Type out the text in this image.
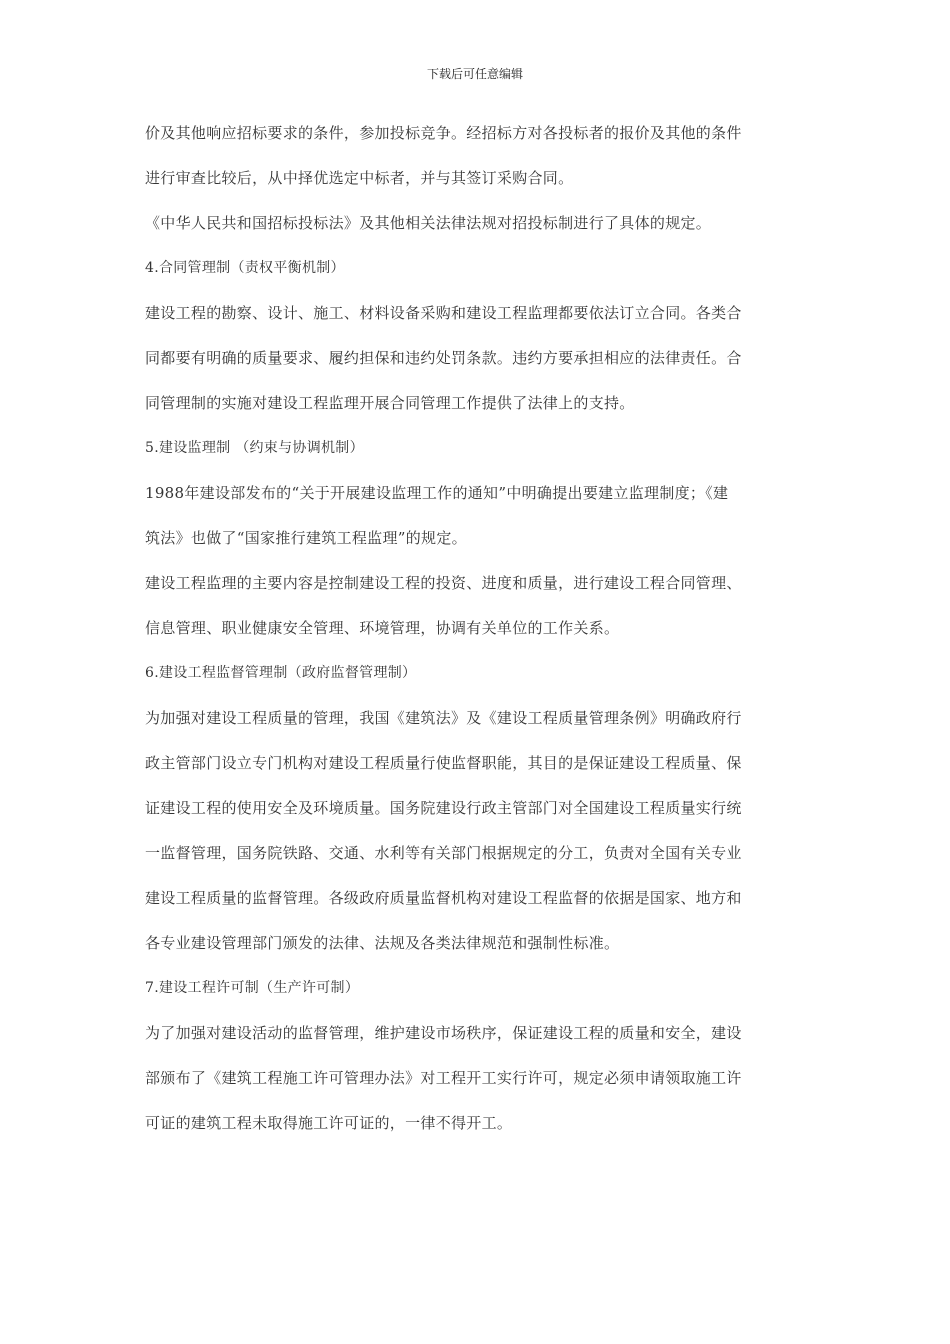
下载后可任意编辑

价及其他响应招标要求的条件，参加投标竞争。经招标方对各投标者的报价及其他的条件
进行审查比较后，从中择优选定中标者，并与其签订采购合同。

《中华人民共和国招标投标法》及其他相关法律法规对招投标制进行了具体的规定。

4.合同管理制（责权平衡机制）

建设工程的勘察、设计、施工、材料设备采购和建设工程监理都要依法订立合同。各类合
同都要有明确的质量要求、履约担保和违约处罚条款。违约方要承担相应的法律责任。合
同管理制的实施对建设工程监理开展合同管理工作提供了法律上的支持。

5.建设监理制 （约束与协调机制）

1988年建设部发布的“关于开展建设监理工作的通知”中明确提出要建立监理制度；《建
筑法》也做了“国家推行建筑工程监理”的规定。

建设工程监理的主要内容是控制建设工程的投资、进度和质量，进行建设工程合同管理、
信息管理、职业健康安全管理、环境管理，协调有关单位的工作关系。

6.建设工程监督管理制（政府监督管理制）

为加强对建设工程质量的管理，我国《建筑法》及《建设工程质量管理条例》明确政府行
政主管部门设立专门机构对建设工程质量行使监督职能，其目的是保证建设工程质量、保
证建设工程的使用安全及环境质量。国务院建设行政主管部门对全国建设工程质量实行统
一监督管理，国务院铁路、交通、水利等有关部门根据规定的分工，负责对全国有关专业
建设工程质量的监督管理。各级政府质量监督机构对建设工程监督的依据是国家、地方和
各专业建设管理部门颁发的法律、法规及各类法律规范和强制性标准。

7.建设工程许可制（生产许可制）

为了加强对建设活动的监督管理，维护建设市场秩序，保证建设工程的质量和安全，建设
部颁布了《建筑工程施工许可管理办法》对工程开工实行许可，规定必须申请领取施工许
可证的建筑工程未取得施工许可证的，一律不得开工。
